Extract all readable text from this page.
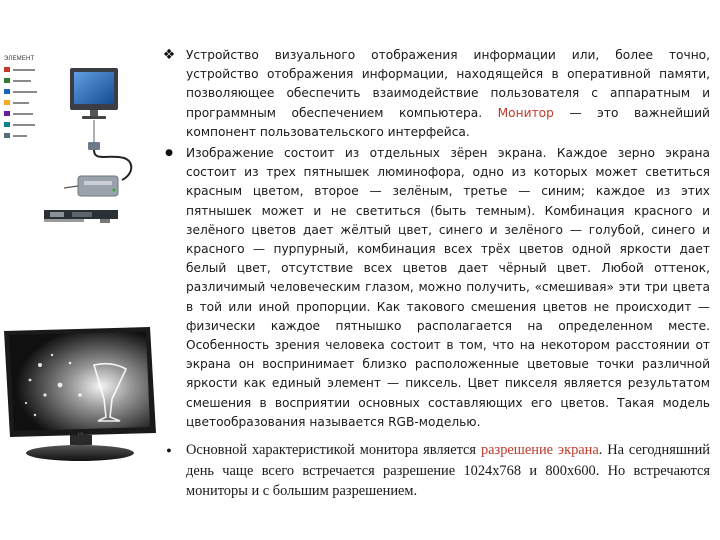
ЭЛЕМЕНТ
LG
❖ Устройство визуального отображения информации или, более точно, устройство отображения информации, находящейся в оперативной памяти, позволяющее обеспечить взаимодействие пользователя с аппаратным и программным обеспечением компьютера. Монитор — это важнейший компонент пользовательского интерфейса.

● Изображение состоит из отдельных зёрен экрана. Каждое зерно экрана состоит из трех пятнышек люминофора, одно из которых может светиться красным цветом, второе — зелёным, третье — синим; каждое из этих пятнышек может и не светиться (быть темным). Комбинация красного и зелёного цветов дает жёлтый цвет, синего и зелёного — голубой, синего и красного — пурпурный, комбинация всех трёх цветов одной яркости дает белый цвет, отсутствие всех цветов дает чёрный цвет. Любой оттенок, различимый человеческим глазом, можно получить, «смешивая» эти три цвета в той или иной пропорции. Как такового смешения цветов не происходит — физически каждое пятнышко располагается на определенном месте. Особенность зрения человека состоит в том, что на некотором расстоянии от экрана он воспринимает близко расположенные цветовые точки различной яркости как единый элемент — пиксель. Цвет пикселя является результатом смешения в восприятии основных составляющих его цветов. Такая модель цветообразования называется RGB-моделью.

● Основной характеристикой монитора является разрешение экрана. На сегодняшний день чаще всего встречается разрешение 1024x768 и 800x600. Но встречаются мониторы и с большим разрешением.
